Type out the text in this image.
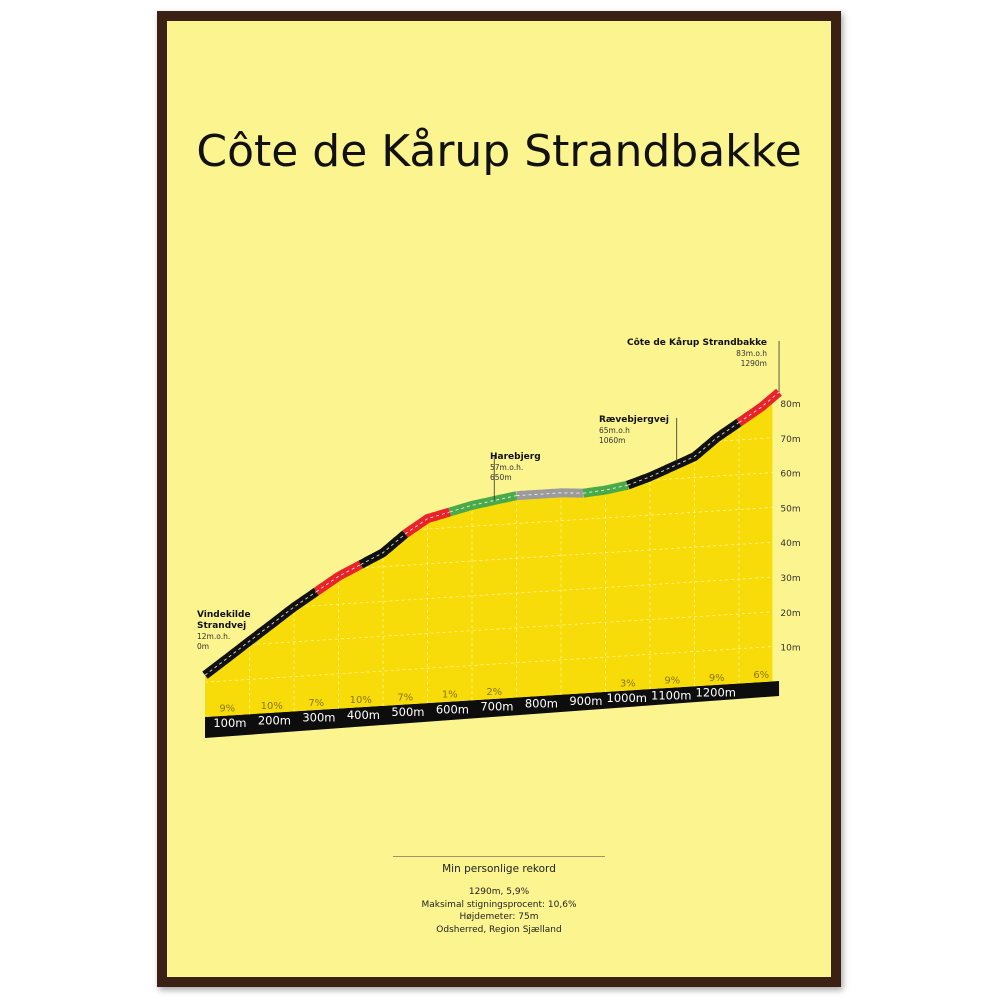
Côte de Kårup Strandbakke
100m 200m 300m 400m 500m 600m 700m 800m 900m 1000m 1100m 1200m
9%	10%	7%	10%	7%	1%	2%
3%	9%	9%	6%
80m
70m
60m
50m
40m
30m
20m
10m
Vindekilde
Strandvej
12m.o.h.
0m
Harebjerg
57m.o.h.
650m
Rævebjergvej
65m.o.h
1060m
Côte de Kårup Strandbakke
83m.o.h
1290m
Min personlige rekord
1290m, 5,9%
Maksimal stigningsprocent: 10,6%
Højdemeter: 75m
Odsherred, Region Sjælland
